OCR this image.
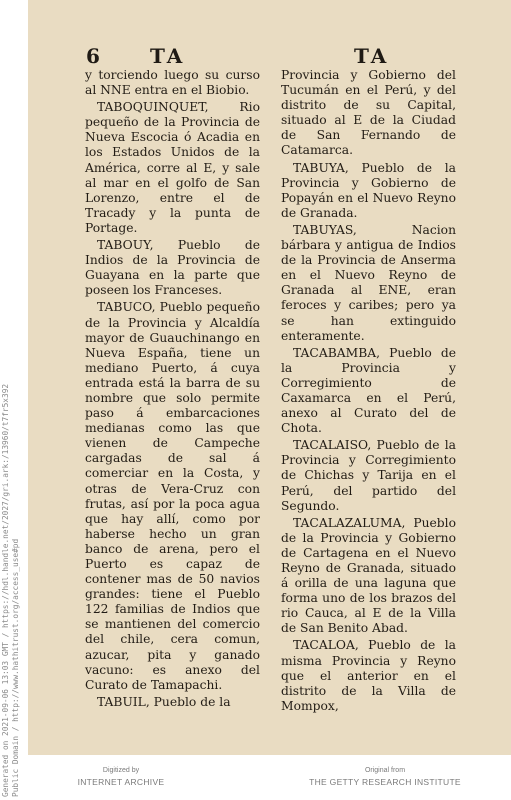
6	TA	TA

y torciendo luego su curso al NNE entra en el Biobio.

TABOQUINQUET, Rio pequeño de la Provincia de Nueva Escocia ó Acadia en los Estados Unidos de la América, corre al E, y sale al mar en el golfo de San Lorenzo, entre el de Tracady y la punta de Portage.

TABOUY, Pueblo de Indios de la Provincia de Guayana en la parte que poseen los Franceses.

TABUCO, Pueblo pequeño de la Provincia y Alcaldía mayor de Guauchinango en Nueva España, tiene un mediano Puerto, á cuya entrada está la barra de su nombre que solo permite paso á embarcaciones medianas como las que vienen de Campeche cargadas de sal á comerciar en la Costa, y otras de Vera-Cruz con frutas, así por la poca agua que hay allí, como por haberse hecho un gran banco de arena, pero el Puerto es capaz de contener mas de 50 navios grandes: tiene el Pueblo 122 familias de Indios que se mantienen del comercio del chile, cera comun, azucar, pita y ganado vacuno: es anexo del Curato de Tamapachi.

TABUIL, Pueblo de la

Provincia y Gobierno del Tucumán en el Perú, y del distrito de su Capital, situado al E de la Ciudad de San Fernando de Catamarca.

TABUYA, Pueblo de la Provincia y Gobierno de Popayán en el Nuevo Reyno de Granada.

TABUYAS, Nacion bárbara y antigua de Indios de la Provincia de Anserma en el Nuevo Reyno de Granada al ENE, eran feroces y caribes; pero ya se han extinguido enteramente.

TACABAMBA, Pueblo de la Provincia y Corregimiento de Caxamarca en el Perú, anexo al Curato del de Chota.

TACALAISO, Pueblo de la Provincia y Corregimiento de Chichas y Tarija en el Perú, del partido del Segundo.

TACALAZALUMA, Pueblo de la Provincia y Gobierno de Cartagena en el Nuevo Reyno de Granada, situado á orilla de una laguna que forma uno de los brazos del rio Cauca, al E de la Villa de San Benito Abad.

TACALOA, Pueblo de la misma Provincia y Reyno que el anterior en el distrito de la Villa de Mompox,

Generated on 2021-09-06 13:03 GMT / https://hdl.handle.net/2027/gri.ark:/13960/t7fr5x392 Public Domain / http://www.hathitrust.org/access_use#pd	Digitized by
INTERNET ARCHIVE
Original from
THE GETTY RESEARCH INSTITUTE
